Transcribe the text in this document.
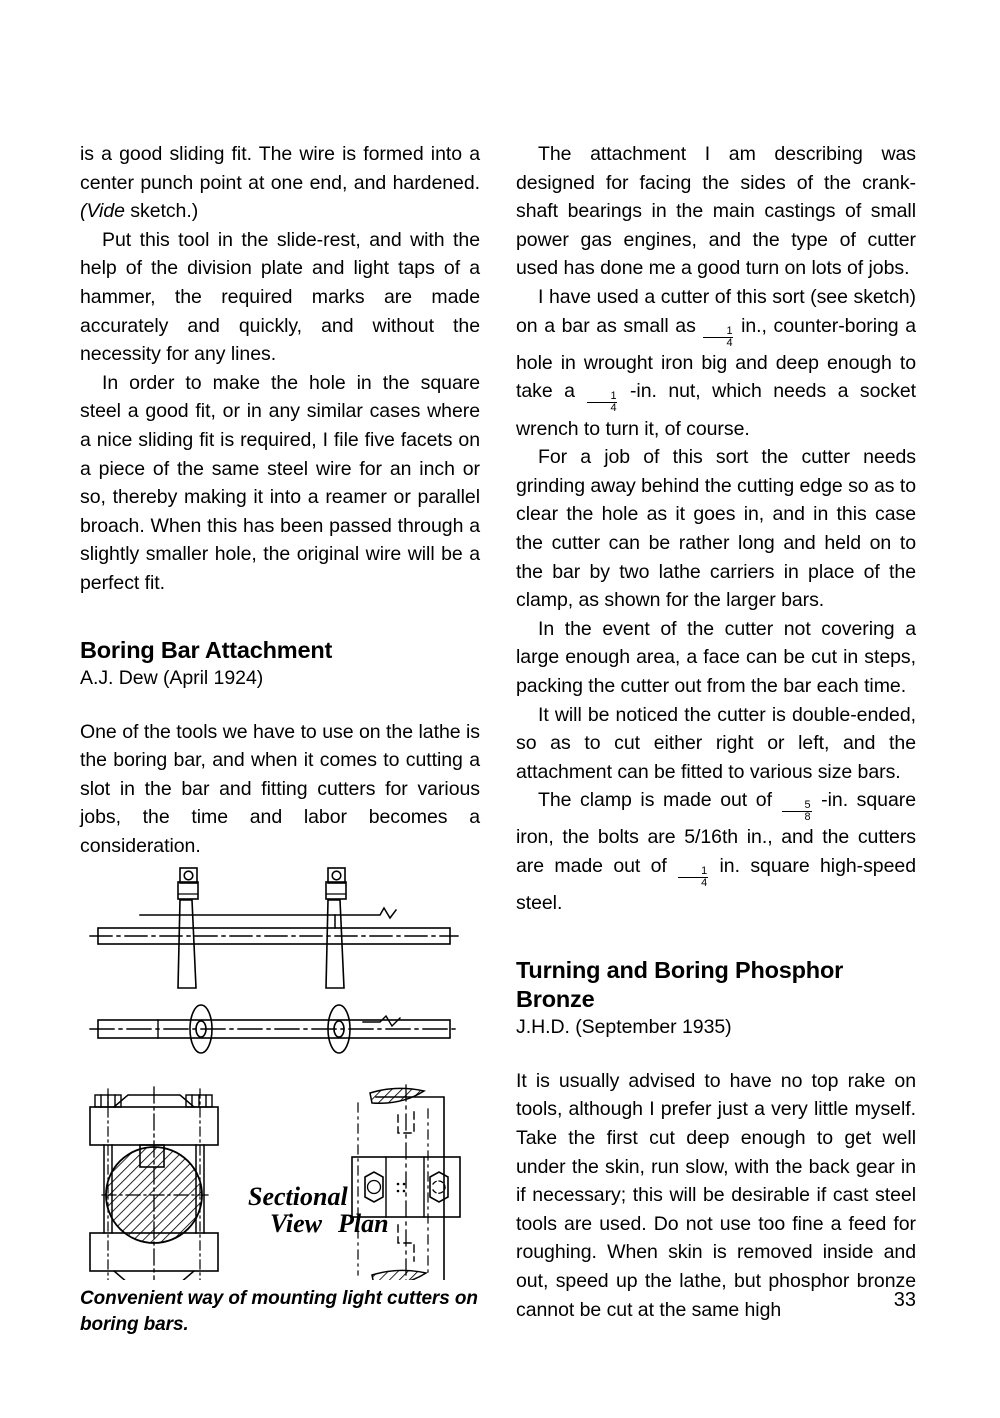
is a good sliding fit. The wire is formed into a center punch point at one end, and hardened. (Vide sketch.)

Put this tool in the slide-rest, and with the help of the division plate and light taps of a hammer, the required marks are made accurately and quickly, and without the necessity for any lines.

In order to make the hole in the square steel a good fit, or in any similar cases where a nice sliding fit is required, I file five facets on a piece of the same steel wire for an inch or so, thereby making it into a reamer or parallel broach. When this has been passed through a slightly smaller hole, the original wire will be a perfect fit.

Boring Bar Attachment

A.J. Dew (April 1924)

One of the tools we have to use on the lathe is the boring bar, and when it comes to cutting a slot in the bar and fitting cutters for various jobs, the time and labor becomes a consideration.

Sectional
View Plan

Convenient way of mounting light cutters on boring bars.

The attachment I am describing was designed for facing the sides of the crank-shaft bearings in the main castings of small power gas engines, and the type of cutter used has done me a good turn on lots of jobs.

I have used a cutter of this sort (see sketch) on a bar as small as $\frac{1}{4}$ in., counter-boring a hole in wrought iron big and deep enough to take a $\frac{1}{4} -in$. nut, which needs a socket wrench to turn it, of course.

For a job of this sort the cutter needs grinding away behind the cutting edge so as to clear the hole as it goes in, and in this case the cutter can be rather long and held on to the bar by two lathe carriers in place of the clamp, as shown for the larger bars.

In the event of the cutter not covering a large enough area, a face can be cut in steps, packing the cutter out from the bar each time.

It will be noticed the cutter is double-ended, so as to cut either right or left, and the attachment can be fitted to various size bars.

The clamp is made out of $\frac{5}{8} -in$. square iron, the bolts are 5/16th in., and the cutters are made out of $\frac{1}{4}$ in. square high-speed steel.

Turning and Boring Phosphor Bronze

J.H.D. (September 1935)

It is usually advised to have no top rake on tools, although I prefer just a very little myself. Take the first cut deep enough to get well under the skin, run slow, with the back gear in if necessary; this will be desirable if cast steel tools are used. Do not use too fine a feed for roughing. When skin is removed inside and out, speed up the lathe, but phosphor bronze cannot be cut at the same high	33
